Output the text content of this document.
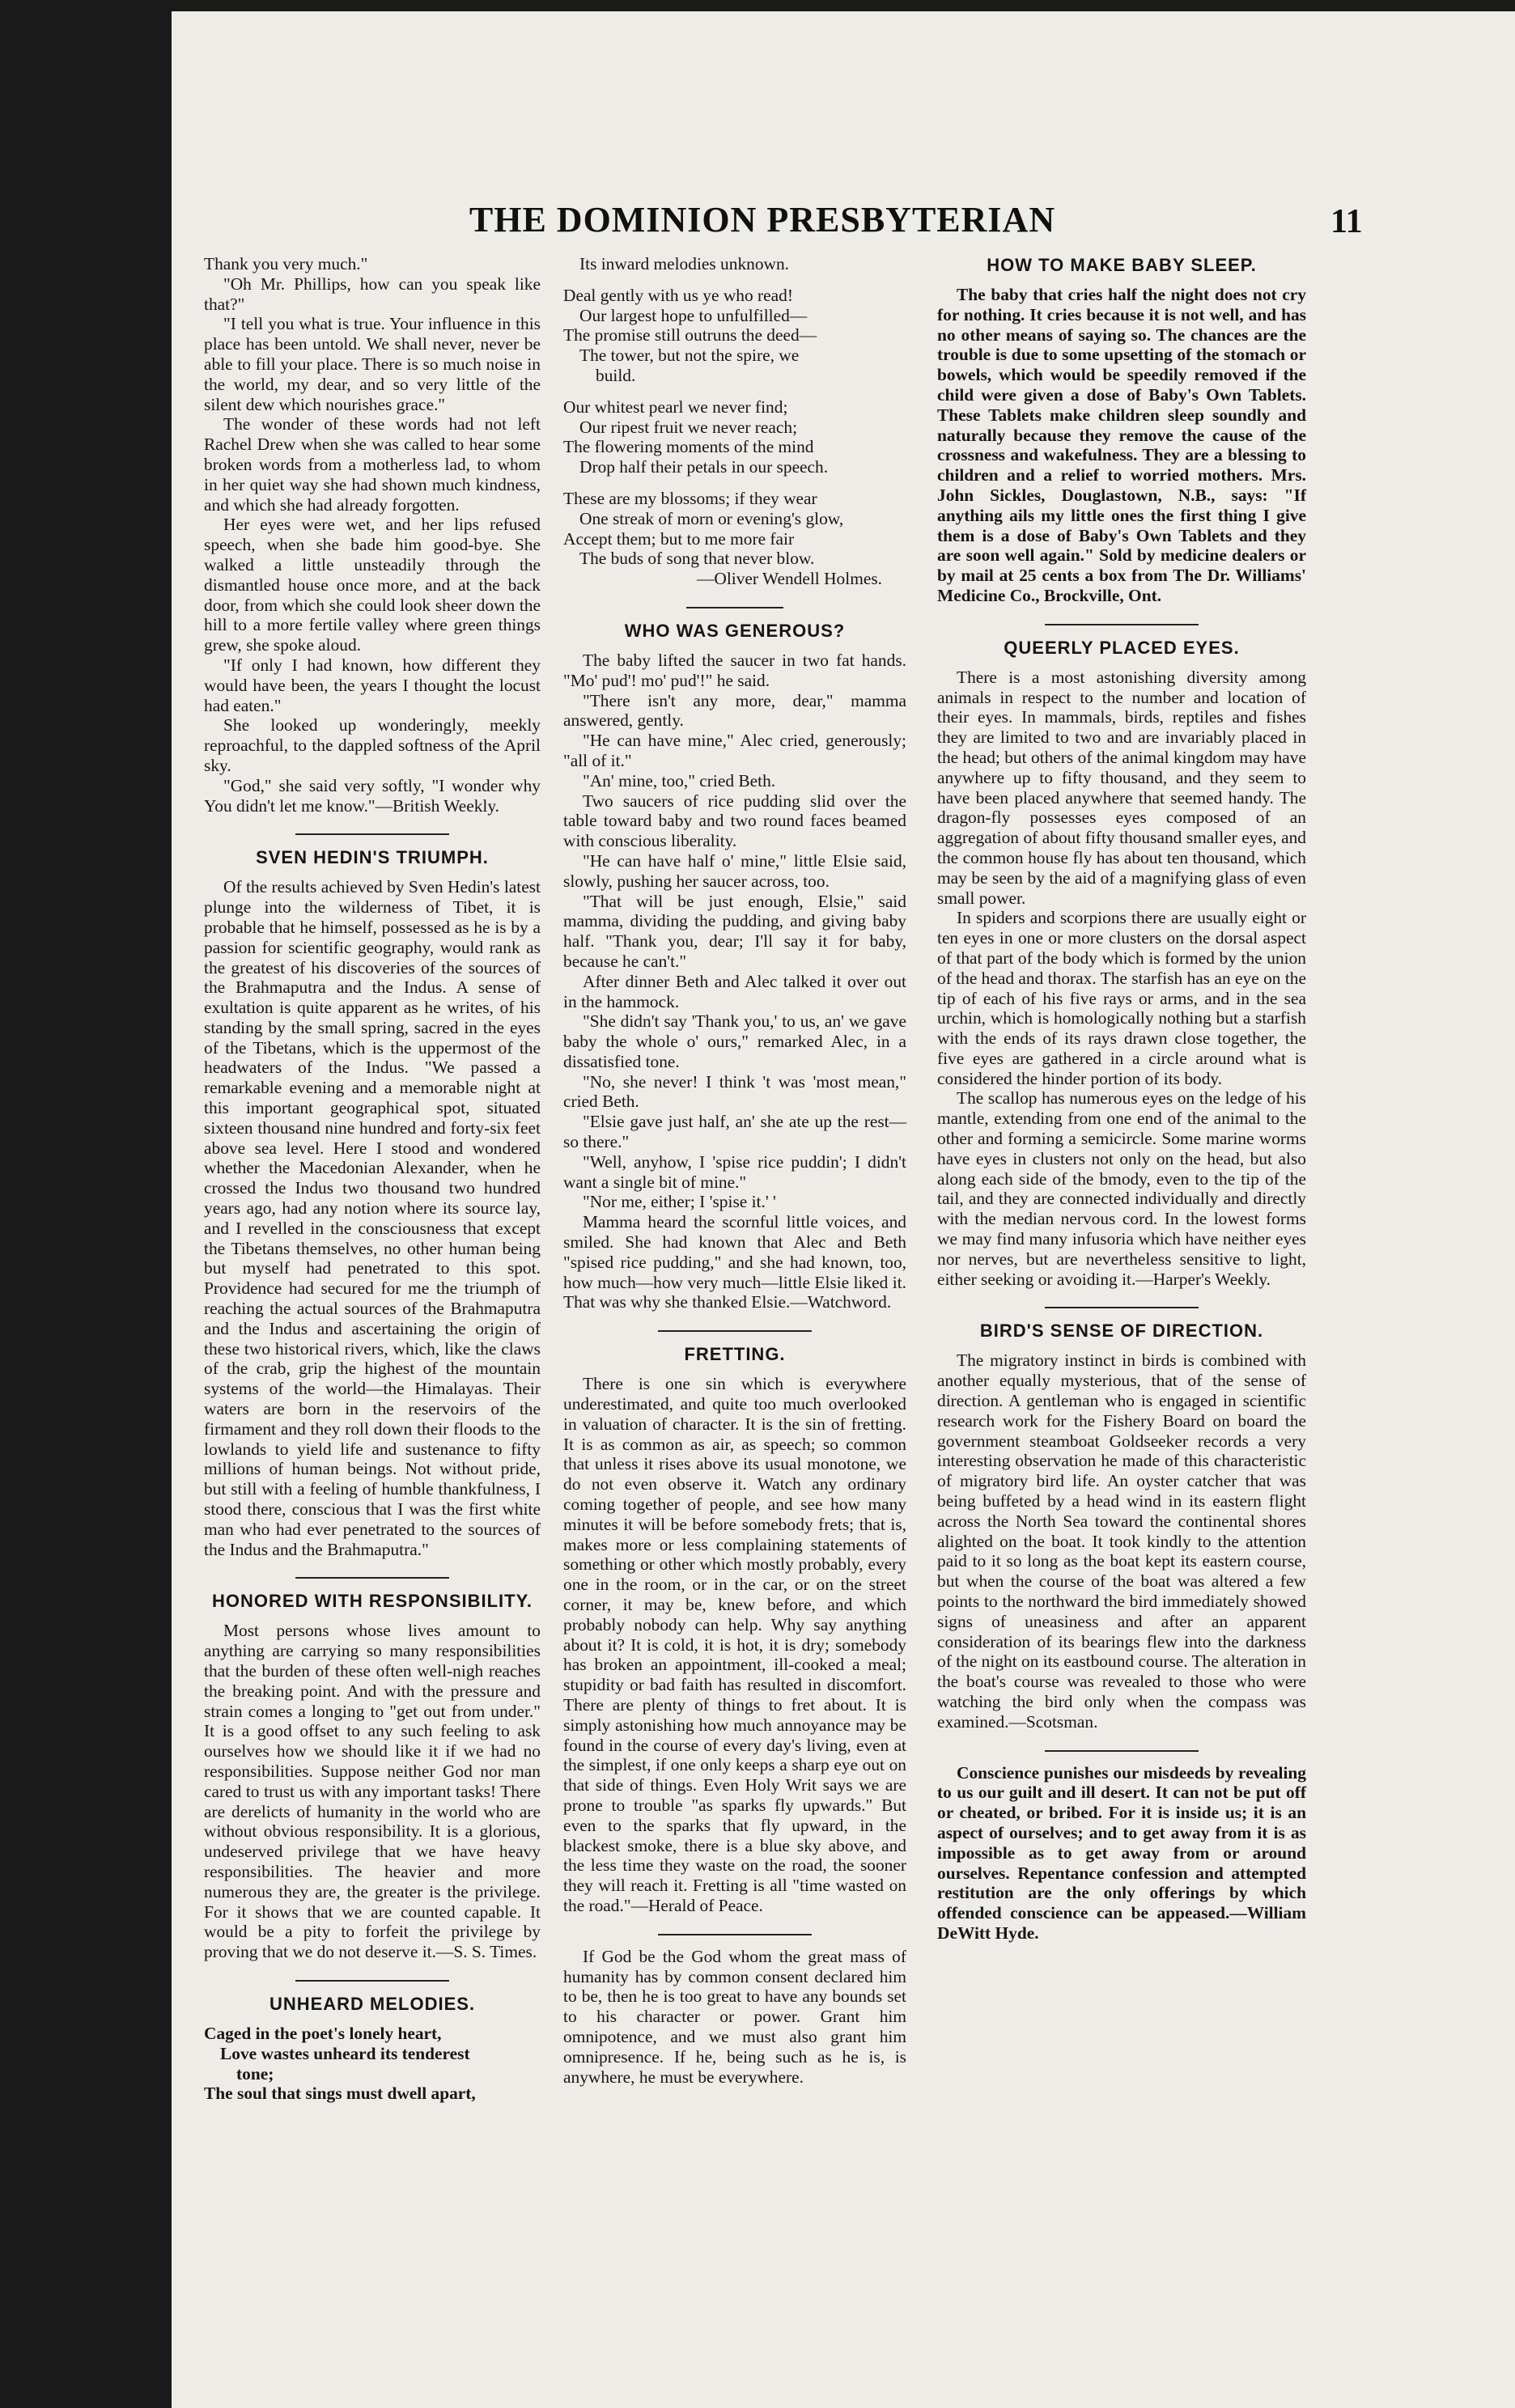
THE DOMINION PRESBYTERIAN	11

Thank you very much."

"Oh Mr. Phillips, how can you speak like that?"

"I tell you what is true. Your influence in this place has been untold. We shall never, never be able to fill your place. There is so much noise in the world, my dear, and so very little of the silent dew which nourishes grace."

The wonder of these words had not left Rachel Drew when she was called to hear some broken words from a motherless lad, to whom in her quiet way she had shown much kindness, and which she had already forgotten.

Her eyes were wet, and her lips refused speech, when she bade him good-bye. She walked a little unsteadily through the dismantled house once more, and at the back door, from which she could look sheer down the hill to a more fertile valley where green things grew, she spoke aloud.

"If only I had known, how different they would have been, the years I thought the locust had eaten."

She looked up wonderingly, meekly reproachful, to the dappled softness of the April sky.

"God," she said very softly, "I wonder why You didn't let me know."—British Weekly.

SVEN HEDIN'S TRIUMPH.

Of the results achieved by Sven Hedin's latest plunge into the wilderness of Tibet, it is probable that he himself, possessed as he is by a passion for scientific geography, would rank as the greatest of his discoveries of the sources of the Brahmaputra and the Indus. A sense of exultation is quite apparent as he writes, of his standing by the small spring, sacred in the eyes of the Tibetans, which is the uppermost of the headwaters of the Indus. "We passed a remarkable evening and a memorable night at this important geographical spot, situated sixteen thousand nine hundred and forty-six feet above sea level. Here I stood and wondered whether the Macedonian Alexander, when he crossed the Indus two thousand two hundred years ago, had any notion where its source lay, and I revelled in the consciousness that except the Tibetans themselves, no other human being but myself had penetrated to this spot. Providence had secured for me the triumph of reaching the actual sources of the Brahmaputra and the Indus and ascertaining the origin of these two historical rivers, which, like the claws of the crab, grip the highest of the mountain systems of the world—the Himalayas. Their waters are born in the reservoirs of the firmament and they roll down their floods to the lowlands to yield life and sustenance to fifty millions of human beings. Not without pride, but still with a feeling of humble thankfulness, I stood there, conscious that I was the first white man who had ever penetrated to the sources of the Indus and the Brahmaputra."

HONORED WITH RESPONSIBILITY.

Most persons whose lives amount to anything are carrying so many responsibilities that the burden of these often well-nigh reaches the breaking point. And with the pressure and strain comes a longing to "get out from under." It is a good offset to any such feeling to ask ourselves how we should like it if we had no responsibilities. Suppose neither God nor man cared to trust us with any important tasks! There are derelicts of humanity in the world who are without obvious responsibility. It is a glorious, undeserved privilege that we have heavy responsibilities. The heavier and more numerous they are, the greater is the privilege. For it shows that we are counted capable. It would be a pity to forfeit the privilege by proving that we do not deserve it.—S. S. Times.

UNHEARD MELODIES.
Caged in the poet's lonely heart,
Love wastes unheard its tenderest
tone;
The soul that sings must dwell apart,
Its inward melodies unknown.
Deal gently with us ye who read!
Our largest hope to unfulfilled—
The promise still outruns the deed—
The tower, but not the spire, we
build.
Our whitest pearl we never find;
Our ripest fruit we never reach;
The flowering moments of the mind
Drop half their petals in our speech.
These are my blossoms; if they wear
One streak of morn or evening's glow,
Accept them; but to me more fair
The buds of song that never blow.
—Oliver Wendell Holmes.
WHO WAS GENEROUS?

The baby lifted the saucer in two fat hands. "Mo' pud'! mo' pud'!" he said.

"There isn't any more, dear," mamma answered, gently.

"He can have mine," Alec cried, generously; "all of it."

"An' mine, too," cried Beth.

Two saucers of rice pudding slid over the table toward baby and two round faces beamed with conscious liberality.

"He can have half o' mine," little Elsie said, slowly, pushing her saucer across, too.

"That will be just enough, Elsie," said mamma, dividing the pudding, and giving baby half. "Thank you, dear; I'll say it for baby, because he can't."

After dinner Beth and Alec talked it over out in the hammock.

"She didn't say 'Thank you,' to us, an' we gave baby the whole o' ours," remarked Alec, in a dissatisfied tone.

"No, she never! I think 't was 'most mean," cried Beth.

"Elsie gave just half, an' she ate up the rest—so there."

"Well, anyhow, I 'spise rice puddin'; I didn't want a single bit of mine."

"Nor me, either; I 'spise it.' '

Mamma heard the scornful little voices, and smiled. She had known that Alec and Beth "spised rice pudding," and she had known, too, how much—how very much—little Elsie liked it. That was why she thanked Elsie.—Watchword.

FRETTING.

There is one sin which is everywhere underestimated, and quite too much overlooked in valuation of character. It is the sin of fretting. It is as common as air, as speech; so common that unless it rises above its usual monotone, we do not even observe it. Watch any ordinary coming together of people, and see how many minutes it will be before somebody frets; that is, makes more or less complaining statements of something or other which mostly probably, every one in the room, or in the car, or on the street corner, it may be, knew before, and which probably nobody can help. Why say anything about it? It is cold, it is hot, it is dry; somebody has broken an appointment, ill-cooked a meal; stupidity or bad faith has resulted in discomfort. There are plenty of things to fret about. It is simply astonishing how much annoyance may be found in the course of every day's living, even at the simplest, if one only keeps a sharp eye out on that side of things. Even Holy Writ says we are prone to trouble "as sparks fly upwards." But even to the sparks that fly upward, in the blackest smoke, there is a blue sky above, and the less time they waste on the road, the sooner they will reach it. Fretting is all "time wasted on the road."—Herald of Peace.

If God be the God whom the great mass of humanity has by common consent declared him to be, then he is too great to have any bounds set to his character or power. Grant him omnipotence, and we must also grant him omnipresence. If he, being such as he is, is anywhere, he must be everywhere.

HOW TO MAKE BABY SLEEP.

The baby that cries half the night does not cry for nothing. It cries because it is not well, and has no other means of saying so. The chances are the trouble is due to some upsetting of the stomach or bowels, which would be speedily removed if the child were given a dose of Baby's Own Tablets. These Tablets make children sleep soundly and naturally because they remove the cause of the crossness and wakefulness. They are a blessing to children and a relief to worried mothers. Mrs. John Sickles, Douglastown, N.B., says: "If anything ails my little ones the first thing I give them is a dose of Baby's Own Tablets and they are soon well again." Sold by medicine dealers or by mail at 25 cents a box from The Dr. Williams' Medicine Co., Brockville, Ont.

QUEERLY PLACED EYES.

There is a most astonishing diversity among animals in respect to the number and location of their eyes. In mammals, birds, reptiles and fishes they are limited to two and are invariably placed in the head; but others of the animal kingdom may have anywhere up to fifty thousand, and they seem to have been placed anywhere that seemed handy. The dragon-fly possesses eyes composed of an aggregation of about fifty thousand smaller eyes, and the common house fly has about ten thousand, which may be seen by the aid of a magnifying glass of even small power.

In spiders and scorpions there are usually eight or ten eyes in one or more clusters on the dorsal aspect of that part of the body which is formed by the union of the head and thorax. The starfish has an eye on the tip of each of his five rays or arms, and in the sea urchin, which is homologically nothing but a starfish with the ends of its rays drawn close together, the five eyes are gathered in a circle around what is considered the hinder portion of its body.

The scallop has numerous eyes on the ledge of his mantle, extending from one end of the animal to the other and forming a semicircle. Some marine worms have eyes in clusters not only on the head, but also along each side of the bmody, even to the tip of the tail, and they are connected individually and directly with the median nervous cord. In the lowest forms we may find many infusoria which have neither eyes nor nerves, but are nevertheless sensitive to light, either seeking or avoiding it.—Harper's Weekly.

BIRD'S SENSE OF DIRECTION.

The migratory instinct in birds is combined with another equally mysterious, that of the sense of direction. A gentleman who is engaged in scientific research work for the Fishery Board on board the government steamboat Goldseeker records a very interesting observation he made of this characteristic of migratory bird life. An oyster catcher that was being buffeted by a head wind in its eastern flight across the North Sea toward the continental shores alighted on the boat. It took kindly to the attention paid to it so long as the boat kept its eastern course, but when the course of the boat was altered a few points to the northward the bird immediately showed signs of uneasiness and after an apparent consideration of its bearings flew into the darkness of the night on its eastbound course. The alteration in the boat's course was revealed to those who were watching the bird only when the compass was examined.—Scotsman.

Conscience punishes our misdeeds by revealing to us our guilt and ill desert. It can not be put off or cheated, or bribed. For it is inside us; it is an aspect of ourselves; and to get away from it is as impossible as to get away from or around ourselves. Repentance confession and attempted restitution are the only offerings by which offended conscience can be appeased.—William DeWitt Hyde.
